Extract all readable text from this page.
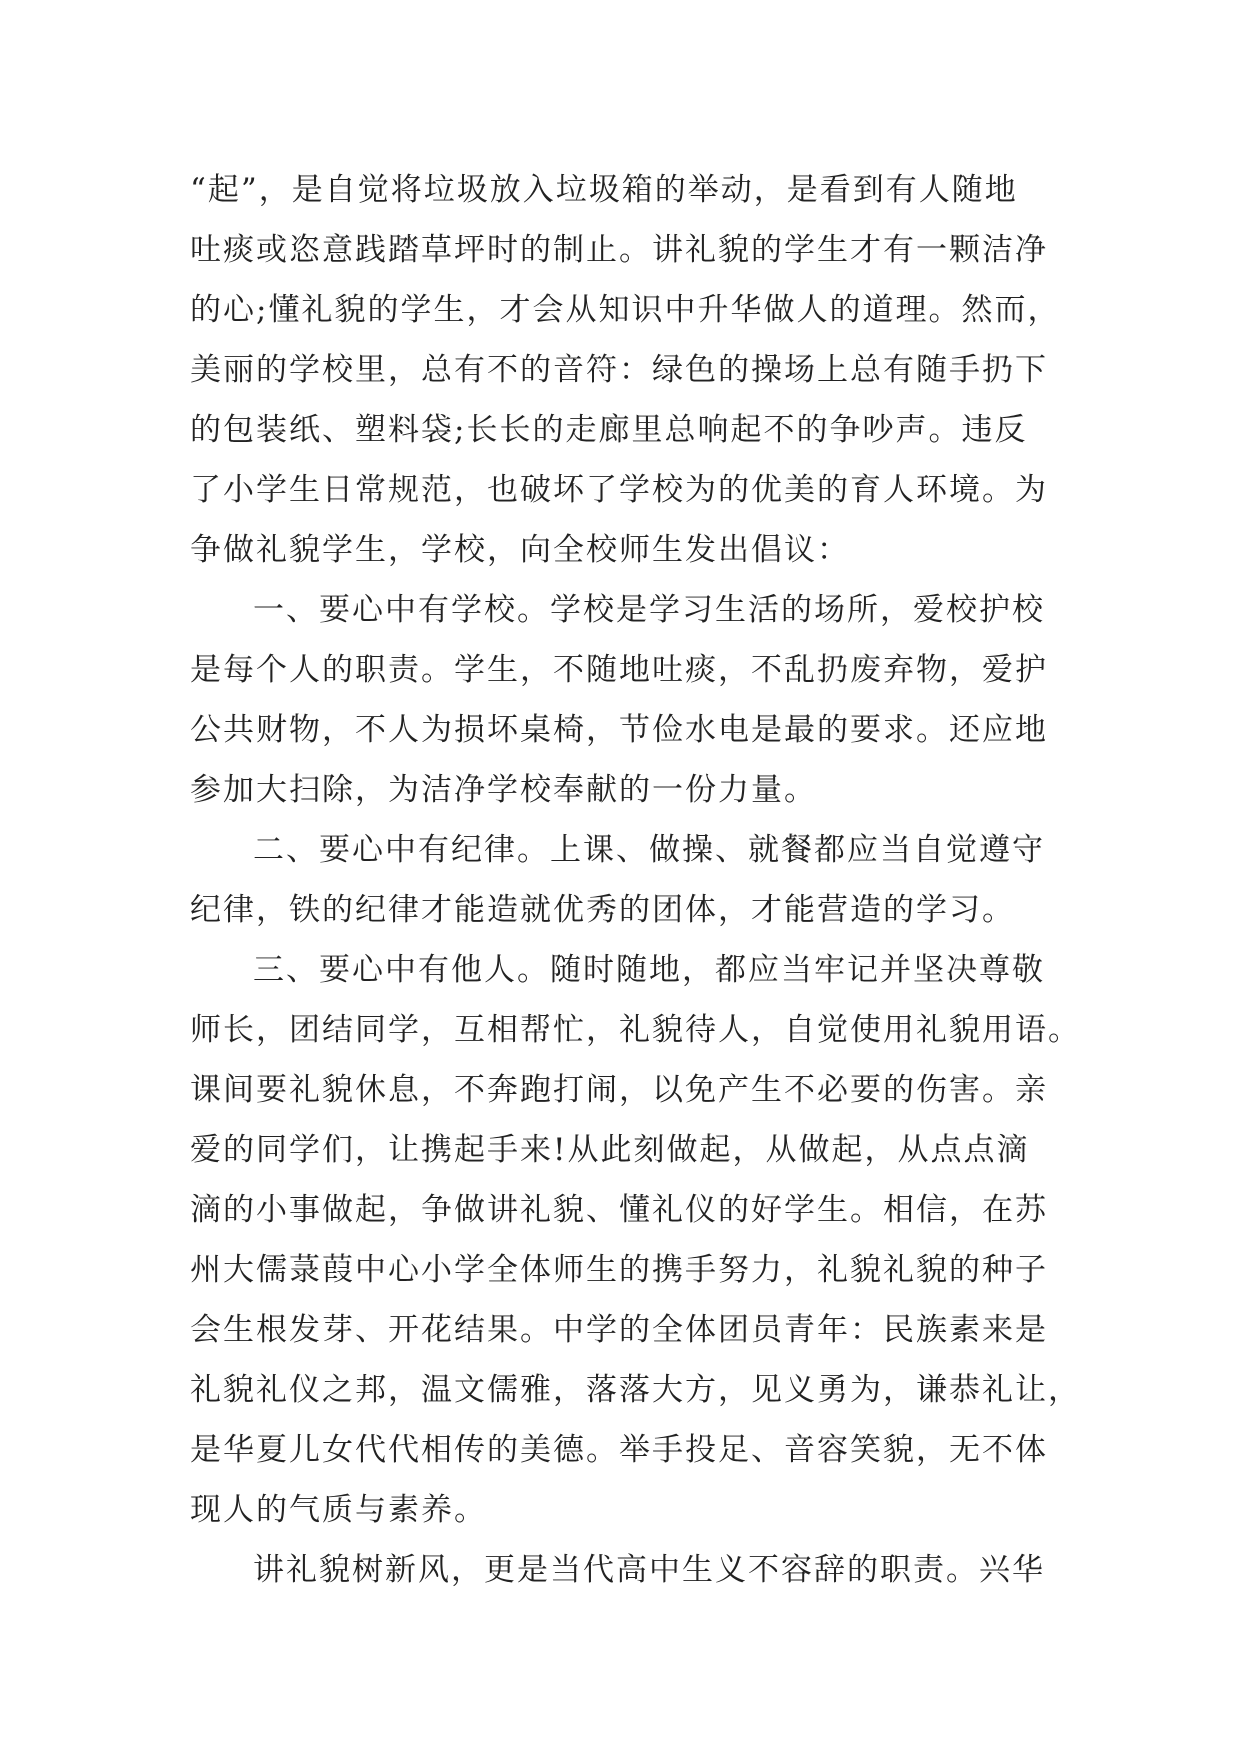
“起”，是自觉将垃圾放入垃圾箱的举动，是看到有人随地
吐痰或恣意践踏草坪时的制止。讲礼貌的学生才有一颗洁净
的心;懂礼貌的学生，才会从知识中升华做人的道理。然而，
美丽的学校里，总有不的音符：绿色的操场上总有随手扔下
的包装纸、塑料袋;长长的走廊里总响起不的争吵声。违反
了小学生日常规范，也破坏了学校为的优美的育人环境。为
争做礼貌学生，学校，向全校师生发出倡议：
一、要心中有学校。学校是学习生活的场所，爱校护校
是每个人的职责。学生，不随地吐痰，不乱扔废弃物，爱护
公共财物，不人为损坏桌椅，节俭水电是最的要求。还应地
参加大扫除，为洁净学校奉献的一份力量。
二、要心中有纪律。上课、做操、就餐都应当自觉遵守
纪律，铁的纪律才能造就优秀的团体，才能营造的学习。
三、要心中有他人。随时随地，都应当牢记并坚决尊敬
师长，团结同学，互相帮忙，礼貌待人，自觉使用礼貌用语。
课间要礼貌休息，不奔跑打闹，以免产生不必要的伤害。亲
爱的同学们，让携起手来!从此刻做起，从做起，从点点滴
滴的小事做起，争做讲礼貌、懂礼仪的好学生。相信，在苏
州大儒菉葭中心小学全体师生的携手努力，礼貌礼貌的种子
会生根发芽、开花结果。中学的全体团员青年：民族素来是
礼貌礼仪之邦，温文儒雅，落落大方，见义勇为，谦恭礼让，
是华夏儿女代代相传的美德。举手投足、音容笑貌，无不体
现人的气质与素养。
讲礼貌树新风，更是当代高中生义不容辞的职责。兴华
